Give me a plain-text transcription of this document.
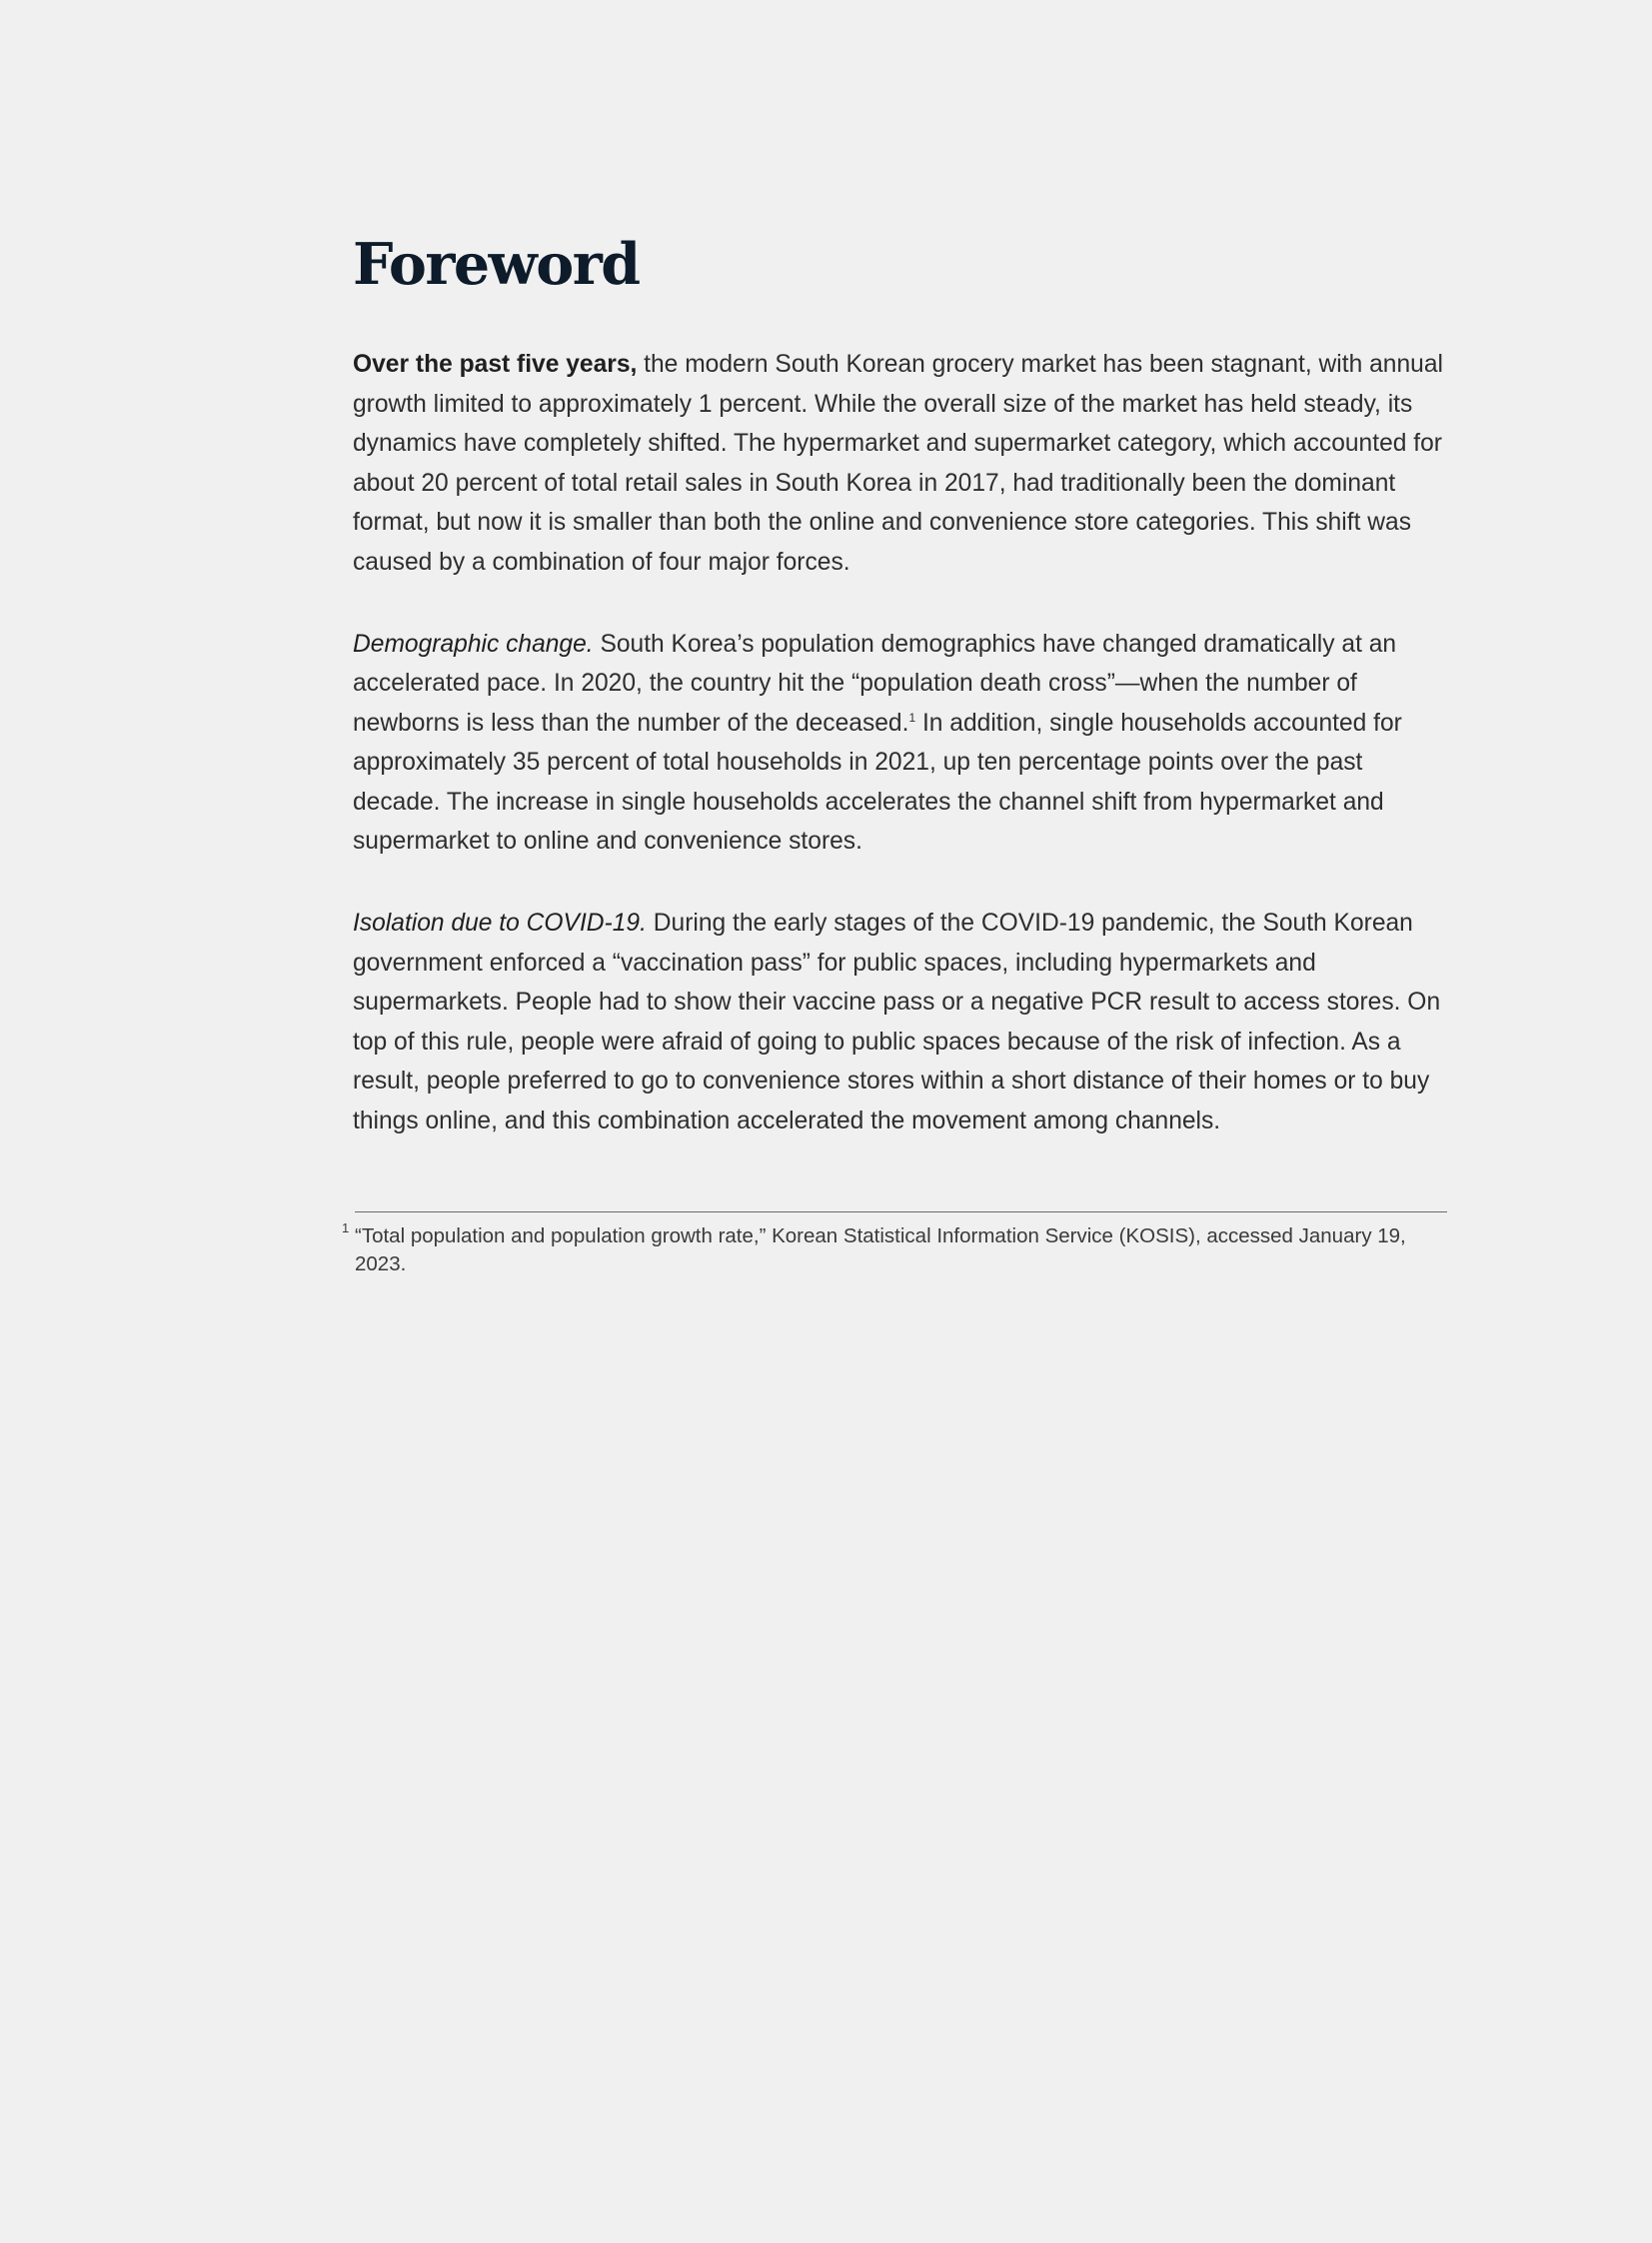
Foreword

Over the past five years, the modern South Korean grocery market has been stagnant, with annual growth limited to approximately 1 percent. While the overall size of the market has held steady, its dynamics have completely shifted. The hypermarket and supermarket category, which accounted for about 20 percent of total retail sales in South Korea in 2017, had traditionally been the dominant format, but now it is smaller than both the online and convenience store categories. This shift was caused by a combination of four major forces.

Demographic change. South Korea’s population demographics have changed dramatically at an accelerated pace. In 2020, the country hit the “population death cross”—when the number of newborns is less than the number of the deceased.$^1$ In addition, single households accounted for approximately 35 percent of total households in 2021, up ten percentage points over the past decade. The increase in single households accelerates the channel shift from hypermarket and supermarket to online and convenience stores.

Isolation due to COVID-19. During the early stages of the COVID-19 pandemic, the South Korean government enforced a “vaccination pass” for public spaces, including hypermarkets and supermarkets. People had to show their vaccine pass or a negative PCR result to access stores. On top of this rule, people were afraid of going to public spaces because of the risk of infection. As a result, people preferred to go to convenience stores within a short distance of their homes or to buy things online, and this combination accelerated the movement among channels.

1 “Total population and population growth rate,” Korean Statistical Information Service (KOSIS), accessed January 19, 2023.
